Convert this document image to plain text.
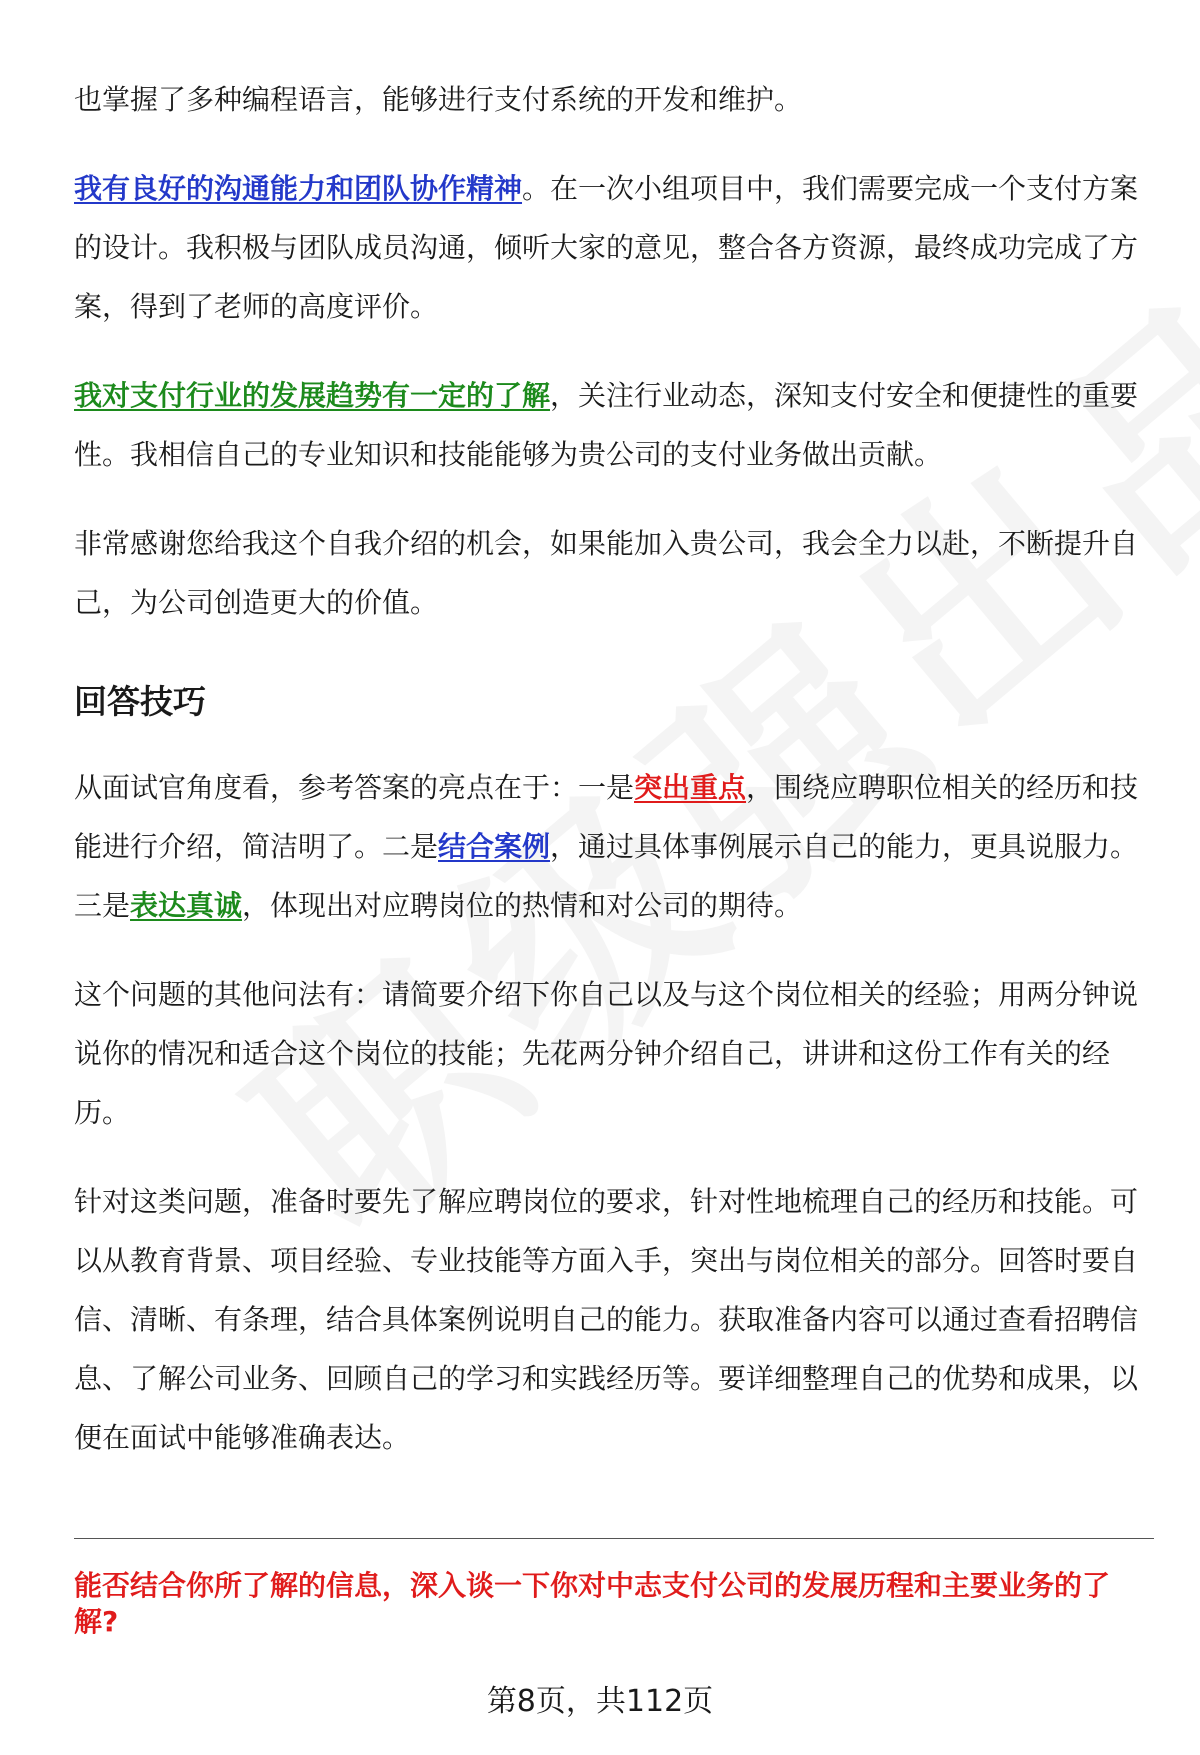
也掌握了多种编程语言，能够进行支付系统的开发和维护。

我有良好的沟通能力和团队协作精神。在一次小组项目中，我们需要完成一个支付方案的设计。我积极与团队成员沟通，倾听大家的意见，整合各方资源，最终成功完成了方案，得到了老师的高度评价。

我对支付行业的发展趋势有一定的了解，关注行业动态，深知支付安全和便捷性的重要性。我相信自己的专业知识和技能能够为贵公司的支付业务做出贡献。

非常感谢您给我这个自我介绍的机会，如果能加入贵公司，我会全力以赴，不断提升自己，为公司创造更大的价值。

回答技巧

从面试官角度看，参考答案的亮点在于：一是突出重点，围绕应聘职位相关的经历和技能进行介绍，简洁明了。二是结合案例，通过具体事例展示自己的能力，更具说服力。三是表达真诚，体现出对应聘岗位的热情和对公司的期待。

这个问题的其他问法有：请简要介绍下你自己以及与这个岗位相关的经验；用两分钟说说你的情况和适合这个岗位的技能；先花两分钟介绍自己，讲讲和这份工作有关的经历。

针对这类问题，准备时要先了解应聘岗位的要求，针对性地梳理自己的经历和技能。可以从教育背景、项目经验、专业技能等方面入手，突出与岗位相关的部分。回答时要自信、清晰、有条理，结合具体案例说明自己的能力。获取准备内容可以通过查看招聘信息、了解公司业务、回顾自己的学习和实践经历等。要详细整理自己的优势和成果，以便在面试中能够准确表达。

能否结合你所了解的信息，深入谈一下你对中志支付公司的发展历程和主要业务的了解?
第8页，共112页
